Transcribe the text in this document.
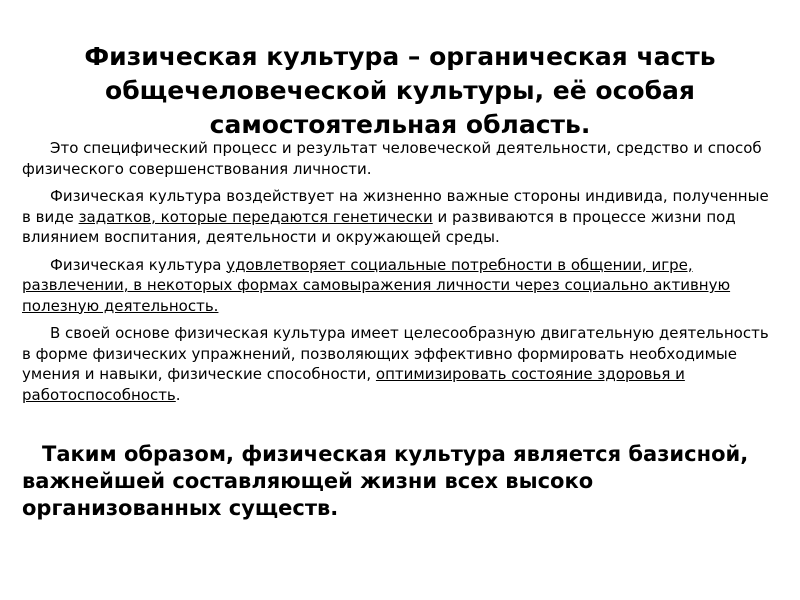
Физическая культура – органическая часть общечеловеческой культуры, её особая самостоятельная область.

Это специфический процесс и результат человеческой деятельности, средство и способ физического совершенствования личности.

Физическая культура воздействует на жизненно важные стороны индивида, полученные в виде задатков, которые передаются генетически и развиваются в процессе жизни под влиянием воспитания, деятельности и окружающей среды.

Физическая культура удовлетворяет социальные потребности в общении, игре, развлечении, в некоторых формах самовыражения личности через социально активную полезную деятельность.

В своей основе физическая культура имеет целесообразную двигательную деятельность в форме физических упражнений, позволяющих эффективно формировать необходимые умения и навыки, физические способности, оптимизировать состояние здоровья и работоспособность.

Таким образом, физическая культура является базисной, важнейшей составляющей жизни всех высоко организованных существ.
